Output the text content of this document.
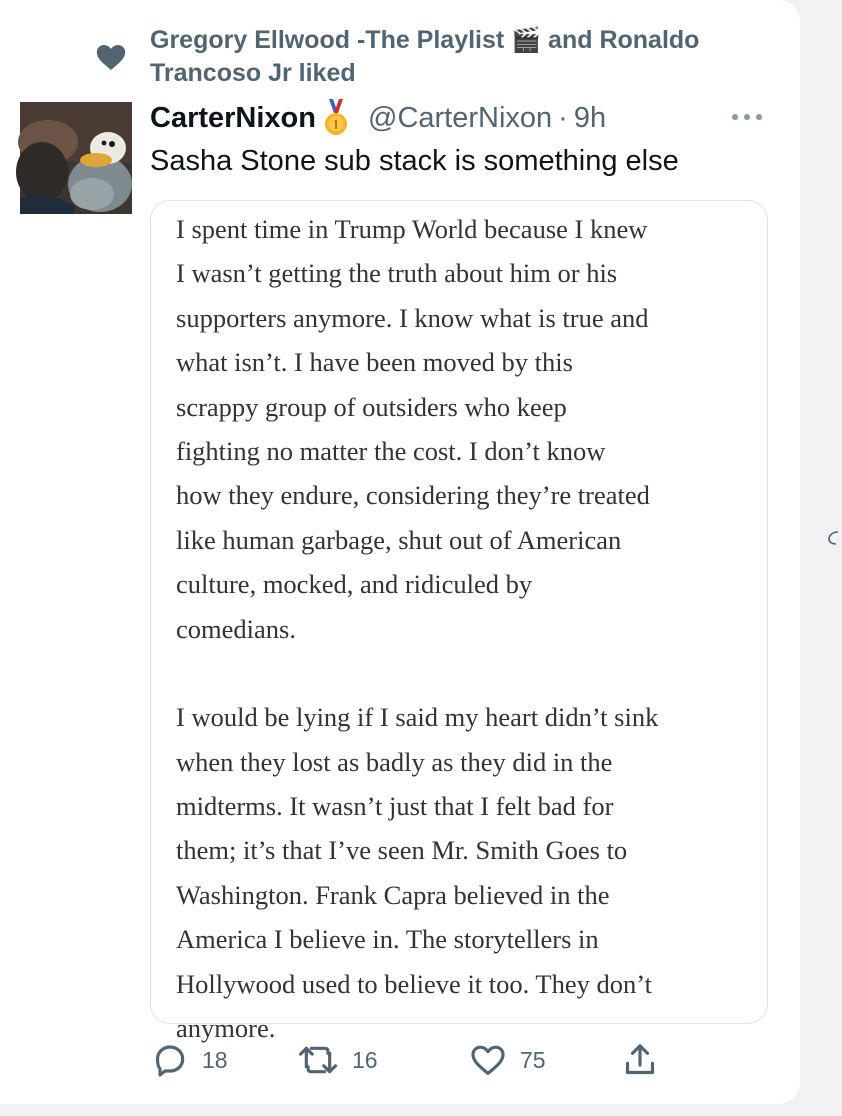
Gregory Ellwood -The Playlist 🎬 and Ronaldo
Trancoso Jr liked
CarterNixon @CarterNixon · 9h
Sasha Stone sub stack is something else
I spent time in Trump World because I knew
I wasn’t getting the truth about him or his
supporters anymore. I know what is true and
what isn’t. I have been moved by this
scrappy group of outsiders who keep
fighting no matter the cost. I don’t know
how they endure, considering they’re treated
like human garbage, shut out of American
culture, mocked, and ridiculed by
comedians.
I would be lying if I said my heart didn’t sink
when they lost as badly as they did in the
midterms. It wasn’t just that I felt bad for
them; it’s that I’ve seen Mr. Smith Goes to
Washington. Frank Capra believed in the
America I believe in. The storytellers in
Hollywood used to believe it too. They don’t
anymore.
18	16	75
